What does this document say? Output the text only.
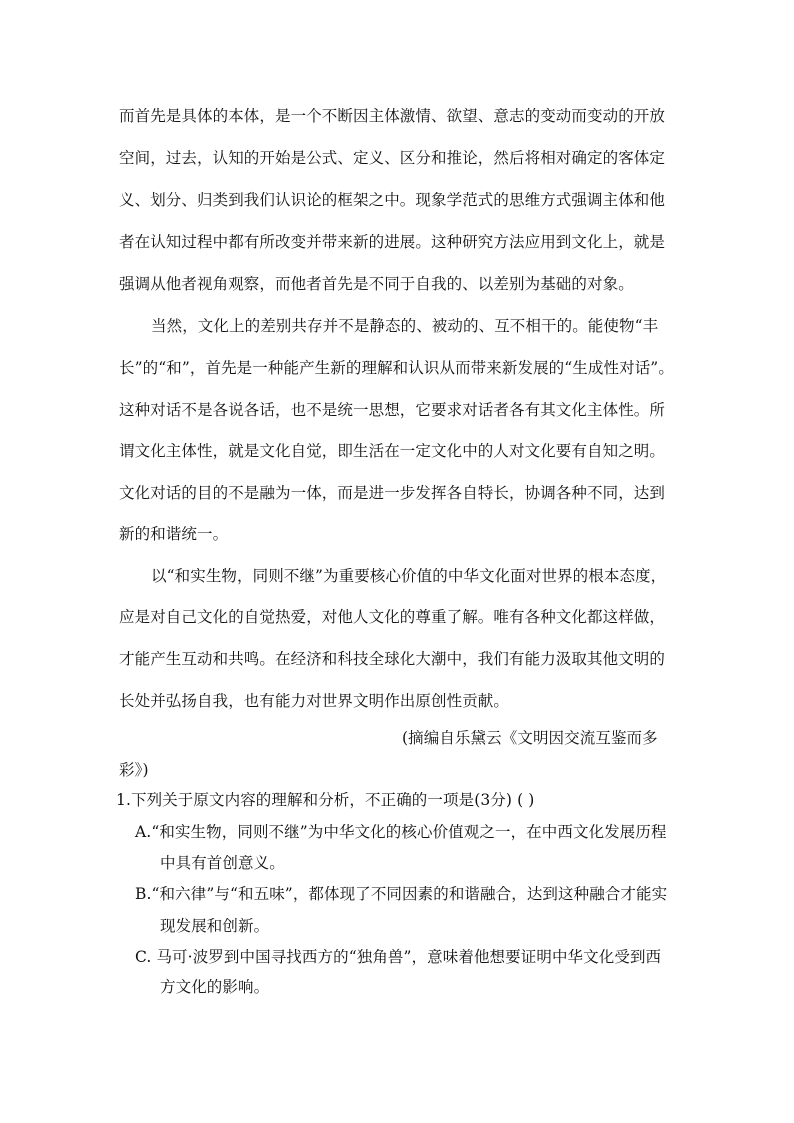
而首先是具体的本体，是一个不断因主体激情、欲望、意志的变动而变动的开放
空间，过去，认知的开始是公式、定义、区分和推论，然后将相对确定的客体定
义、划分、归类到我们认识论的框架之中。现象学范式的思维方式强调主体和他
者在认知过程中都有所改变并带来新的进展。这种研究方法应用到文化上，就是
强调从他者视角观察，而他者首先是不同于自我的、以差别为基础的对象。
当然，文化上的差别共存并不是静态的、被动的、互不相干的。能使物“丰
长”的“和”，首先是一种能产生新的理解和认识从而带来新发展的“生成性对话”。
这种对话不是各说各话，也不是统一思想，它要求对话者各有其文化主体性。所
谓文化主体性，就是文化自觉，即生活在一定文化中的人对文化要有自知之明。
文化对话的目的不是融为一体，而是进一步发挥各自特长，协调各种不同，达到
新的和谐统一。
以“和实生物，同则不继”为重要核心价值的中华文化面对世界的根本态度，
应是对自己文化的自觉热爱，对他人文化的尊重了解。唯有各种文化都这样做，
才能产生互动和共鸣。在经济和科技全球化大潮中，我们有能力汲取其他文明的
长处并弘扬自我，也有能力对世界文明作出原创性贡献。
(摘编自乐黛云《文明因交流互鉴而多
彩》)
1.下列关于原文内容的理解和分析，不正确的一项是(3分) ( )
A.“和实生物，同则不继”为中华文化的核心价值观之一，在中西文化发展历程
中具有首创意义。
B.“和六律”与“和五味”，都体现了不同因素的和谐融合，达到这种融合才能实
现发展和创新。
C. 马可·波罗到中国寻找西方的“独角兽”，意味着他想要证明中华文化受到西
方文化的影响。
